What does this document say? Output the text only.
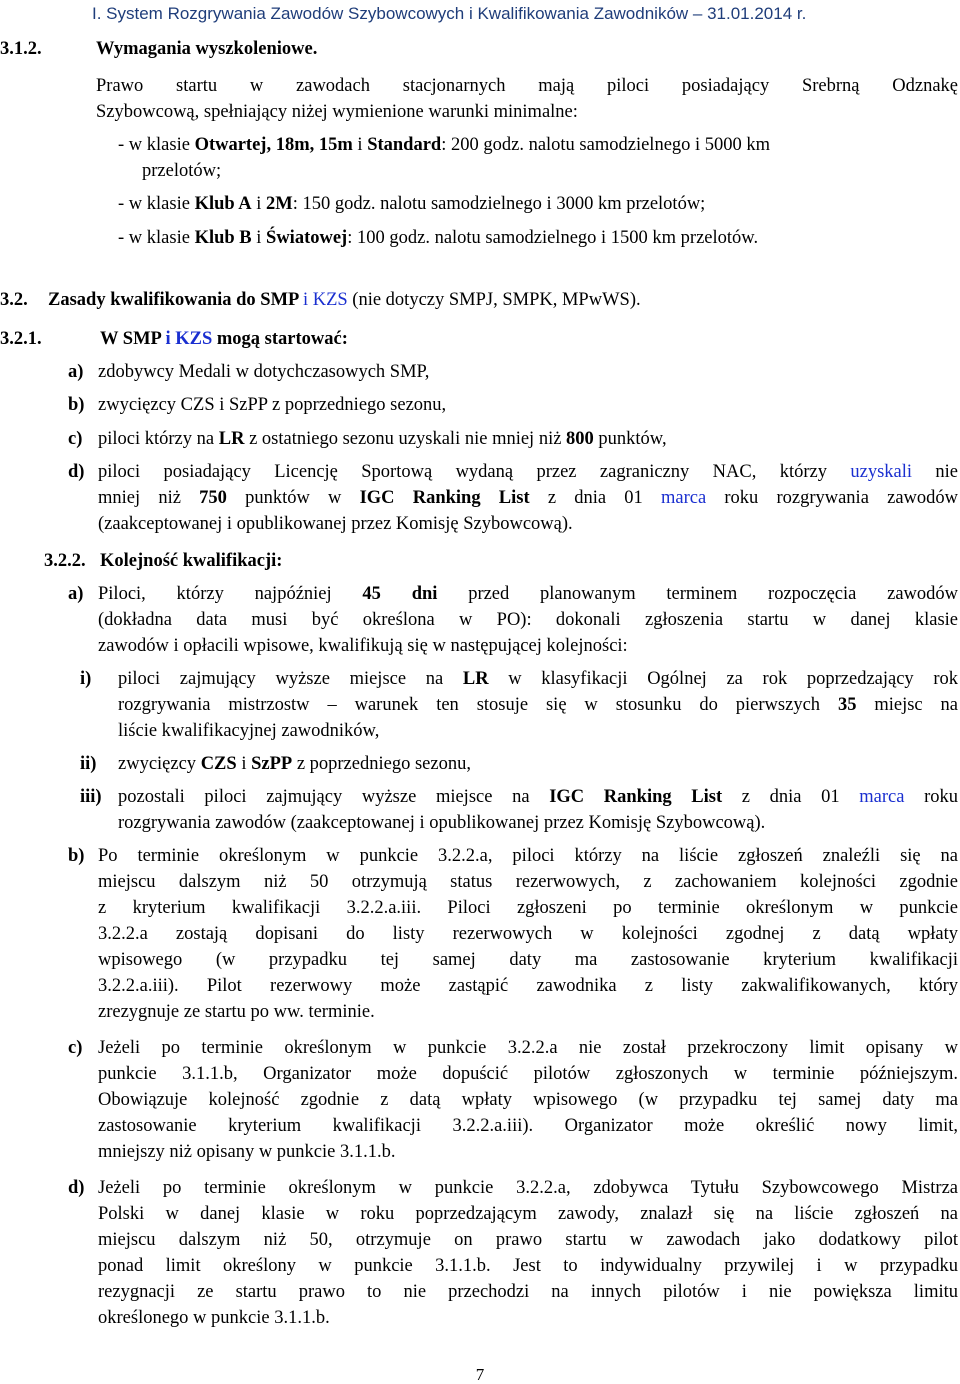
I. System Rozgrywania Zawodów Szybowcowych i Kwalifikowania Zawodników – 31.01.2014 r.
3.1.2.	Wymagania wyszkoleniowe.
Prawo startu w zawodach stacjonarnych mają piloci posiadający Srebrną Odznakę
Szybowcową, spełniający niżej wymienione warunki minimalne:
- w klasie Otwartej, 18m, 15m i Standard: 200 godz. nalotu samodzielnego i 5000 km
przelotów;
- w klasie Klub A i 2M: 150 godz. nalotu samodzielnego i 3000 km przelotów;
- w klasie Klub B i Światowej: 100 godz. nalotu samodzielnego i 1500 km przelotów.
3.2. Zasady kwalifikowania do SMP i KZS (nie dotyczy SMPJ, SMPK, MPwWS).
3.2.1.	W SMP i KZS mogą startować:
a) zdobywcy Medali w dotychczasowych SMP,
b) zwycięzcy CZS i SzPP z poprzedniego sezonu,
c) piloci którzy na LR z ostatniego sezonu uzyskali nie mniej niż 800 punktów,
d) piloci posiadający Licencję Sportową wydaną przez zagraniczny NAC, którzy uzyskali nie
mniej niż 750 punktów w IGC Ranking List z dnia 01 marca roku rozgrywania zawodów
(zaakceptowanej i opublikowanej przez Komisję Szybowcową).
3.2.2. Kolejność kwalifikacji:
a) Piloci, którzy najpóźniej 45 dni przed planowanym terminem rozpoczęcia zawodów
(dokładna data musi być określona w PO): dokonali zgłoszenia startu w danej klasie
zawodów i opłacili wpisowe, kwalifikują się w następującej kolejności:
i) piloci zajmujący wyższe miejsce na LR w klasyfikacji Ogólnej za rok poprzedzający rok
rozgrywania mistrzostw – warunek ten stosuje się w stosunku do pierwszych 35 miejsc na
liście kwalifikacyjnej zawodników,
ii) zwycięzcy CZS i SzPP z poprzedniego sezonu,
iii) pozostali piloci zajmujący wyższe miejsce na IGC Ranking List z dnia 01 marca roku
rozgrywania zawodów (zaakceptowanej i opublikowanej przez Komisję Szybowcową).
b) Po terminie określonym w punkcie 3.2.2.a, piloci którzy na liście zgłoszeń znaleźli się na
miejscu dalszym niż 50 otrzymują status rezerwowych, z zachowaniem kolejności zgodnie
z kryterium kwalifikacji 3.2.2.a.iii. Piloci zgłoszeni po terminie określonym w punkcie
3.2.2.a zostają dopisani do listy rezerwowych w kolejności zgodnej z datą wpłaty
wpisowego (w przypadku tej samej daty ma zastosowanie kryterium kwalifikacji
3.2.2.a.iii). Pilot rezerwowy może zastąpić zawodnika z listy zakwalifikowanych, który
zrezygnuje ze startu po ww. terminie.
c) Jeżeli po terminie określonym w punkcie 3.2.2.a nie został przekroczony limit opisany w
punkcie 3.1.1.b, Organizator może dopuścić pilotów zgłoszonych w terminie późniejszym.
Obowiązuje kolejność zgodnie z datą wpłaty wpisowego (w przypadku tej samej daty ma
zastosowanie kryterium kwalifikacji 3.2.2.a.iii). Organizator może określić nowy limit,
mniejszy niż opisany w punkcie 3.1.1.b.
d) Jeżeli po terminie określonym w punkcie 3.2.2.a, zdobywca Tytułu Szybowcowego Mistrza
Polski w danej klasie w roku poprzedzającym zawody, znalazł się na liście zgłoszeń na
miejscu dalszym niż 50, otrzymuje on prawo startu w zawodach jako dodatkowy pilot
ponad limit określony w punkcie 3.1.1.b. Jest to indywidualny przywilej i w przypadku
rezygnacji ze startu prawo to nie przechodzi na innych pilotów i nie powiększa limitu
określonego w punkcie 3.1.1.b.
7
